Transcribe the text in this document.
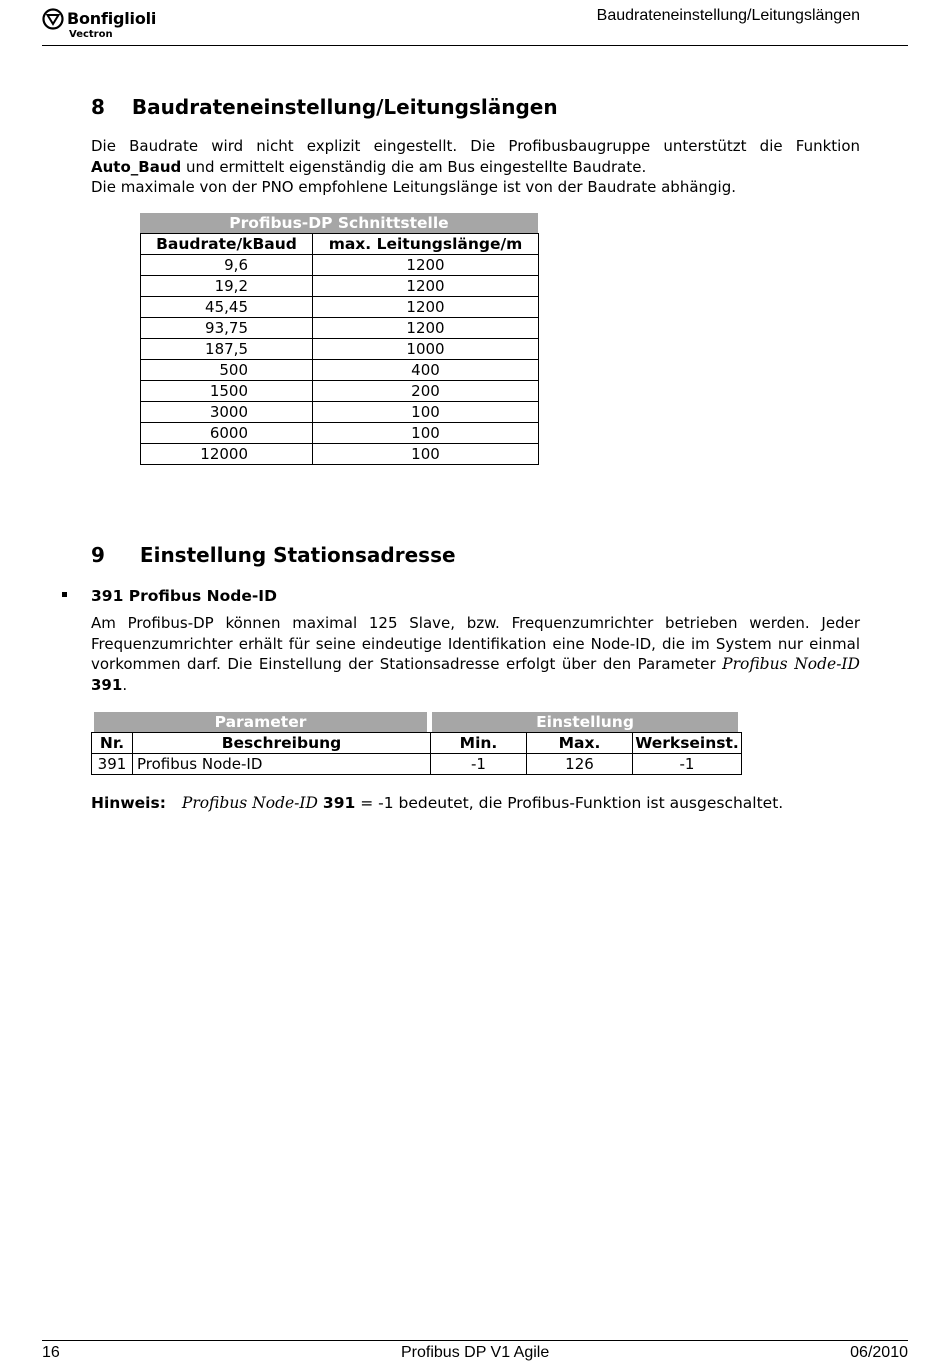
Bonfiglioli
Vectron
Baudrateneinstellung/Leitungslängen
8 Baudrateneinstellung/Leitungslängen
Die Baudrate wird nicht explizit eingestellt. Die Profibusbaugruppe unterstützt die Funktion
Auto_Baud und ermittelt eigenständig die am Bus eingestellte Baudrate.
Die maximale von der PNO empfohlene Leitungslänge ist von der Baudrate abhängig.
Profibus-DP Schnittstelle
Baudrate/kBaud	max. Leitungslänge/m
9,6	1200
19,2	1200
45,45	1200
93,75	1200
187,5	1000
500	400
1500	200
3000	100
6000	100
12000	100
9 Einstellung Stationsadresse
391 Profibus Node-ID
Am Profibus-DP können maximal 125 Slave, bzw. Frequenzumrichter betrieben werden. Jeder Frequenzumrichter erhält für seine eindeutige Identifikation eine Node-ID, die im System nur einmal vorkommen darf. Die Einstellung der Stationsadresse erfolgt über den Parameter Profibus Node-ID 391.
Parameter	Einstellung
Nr.	Beschreibung	Min.	Max.	Werkseinst.
391	Profibus Node-ID	-1	126	-1
Hinweis: Profibus Node-ID 391 = -1 bedeutet, die Profibus-Funktion ist ausgeschaltet.
16	Profibus DP V1 Agile	06/2010
